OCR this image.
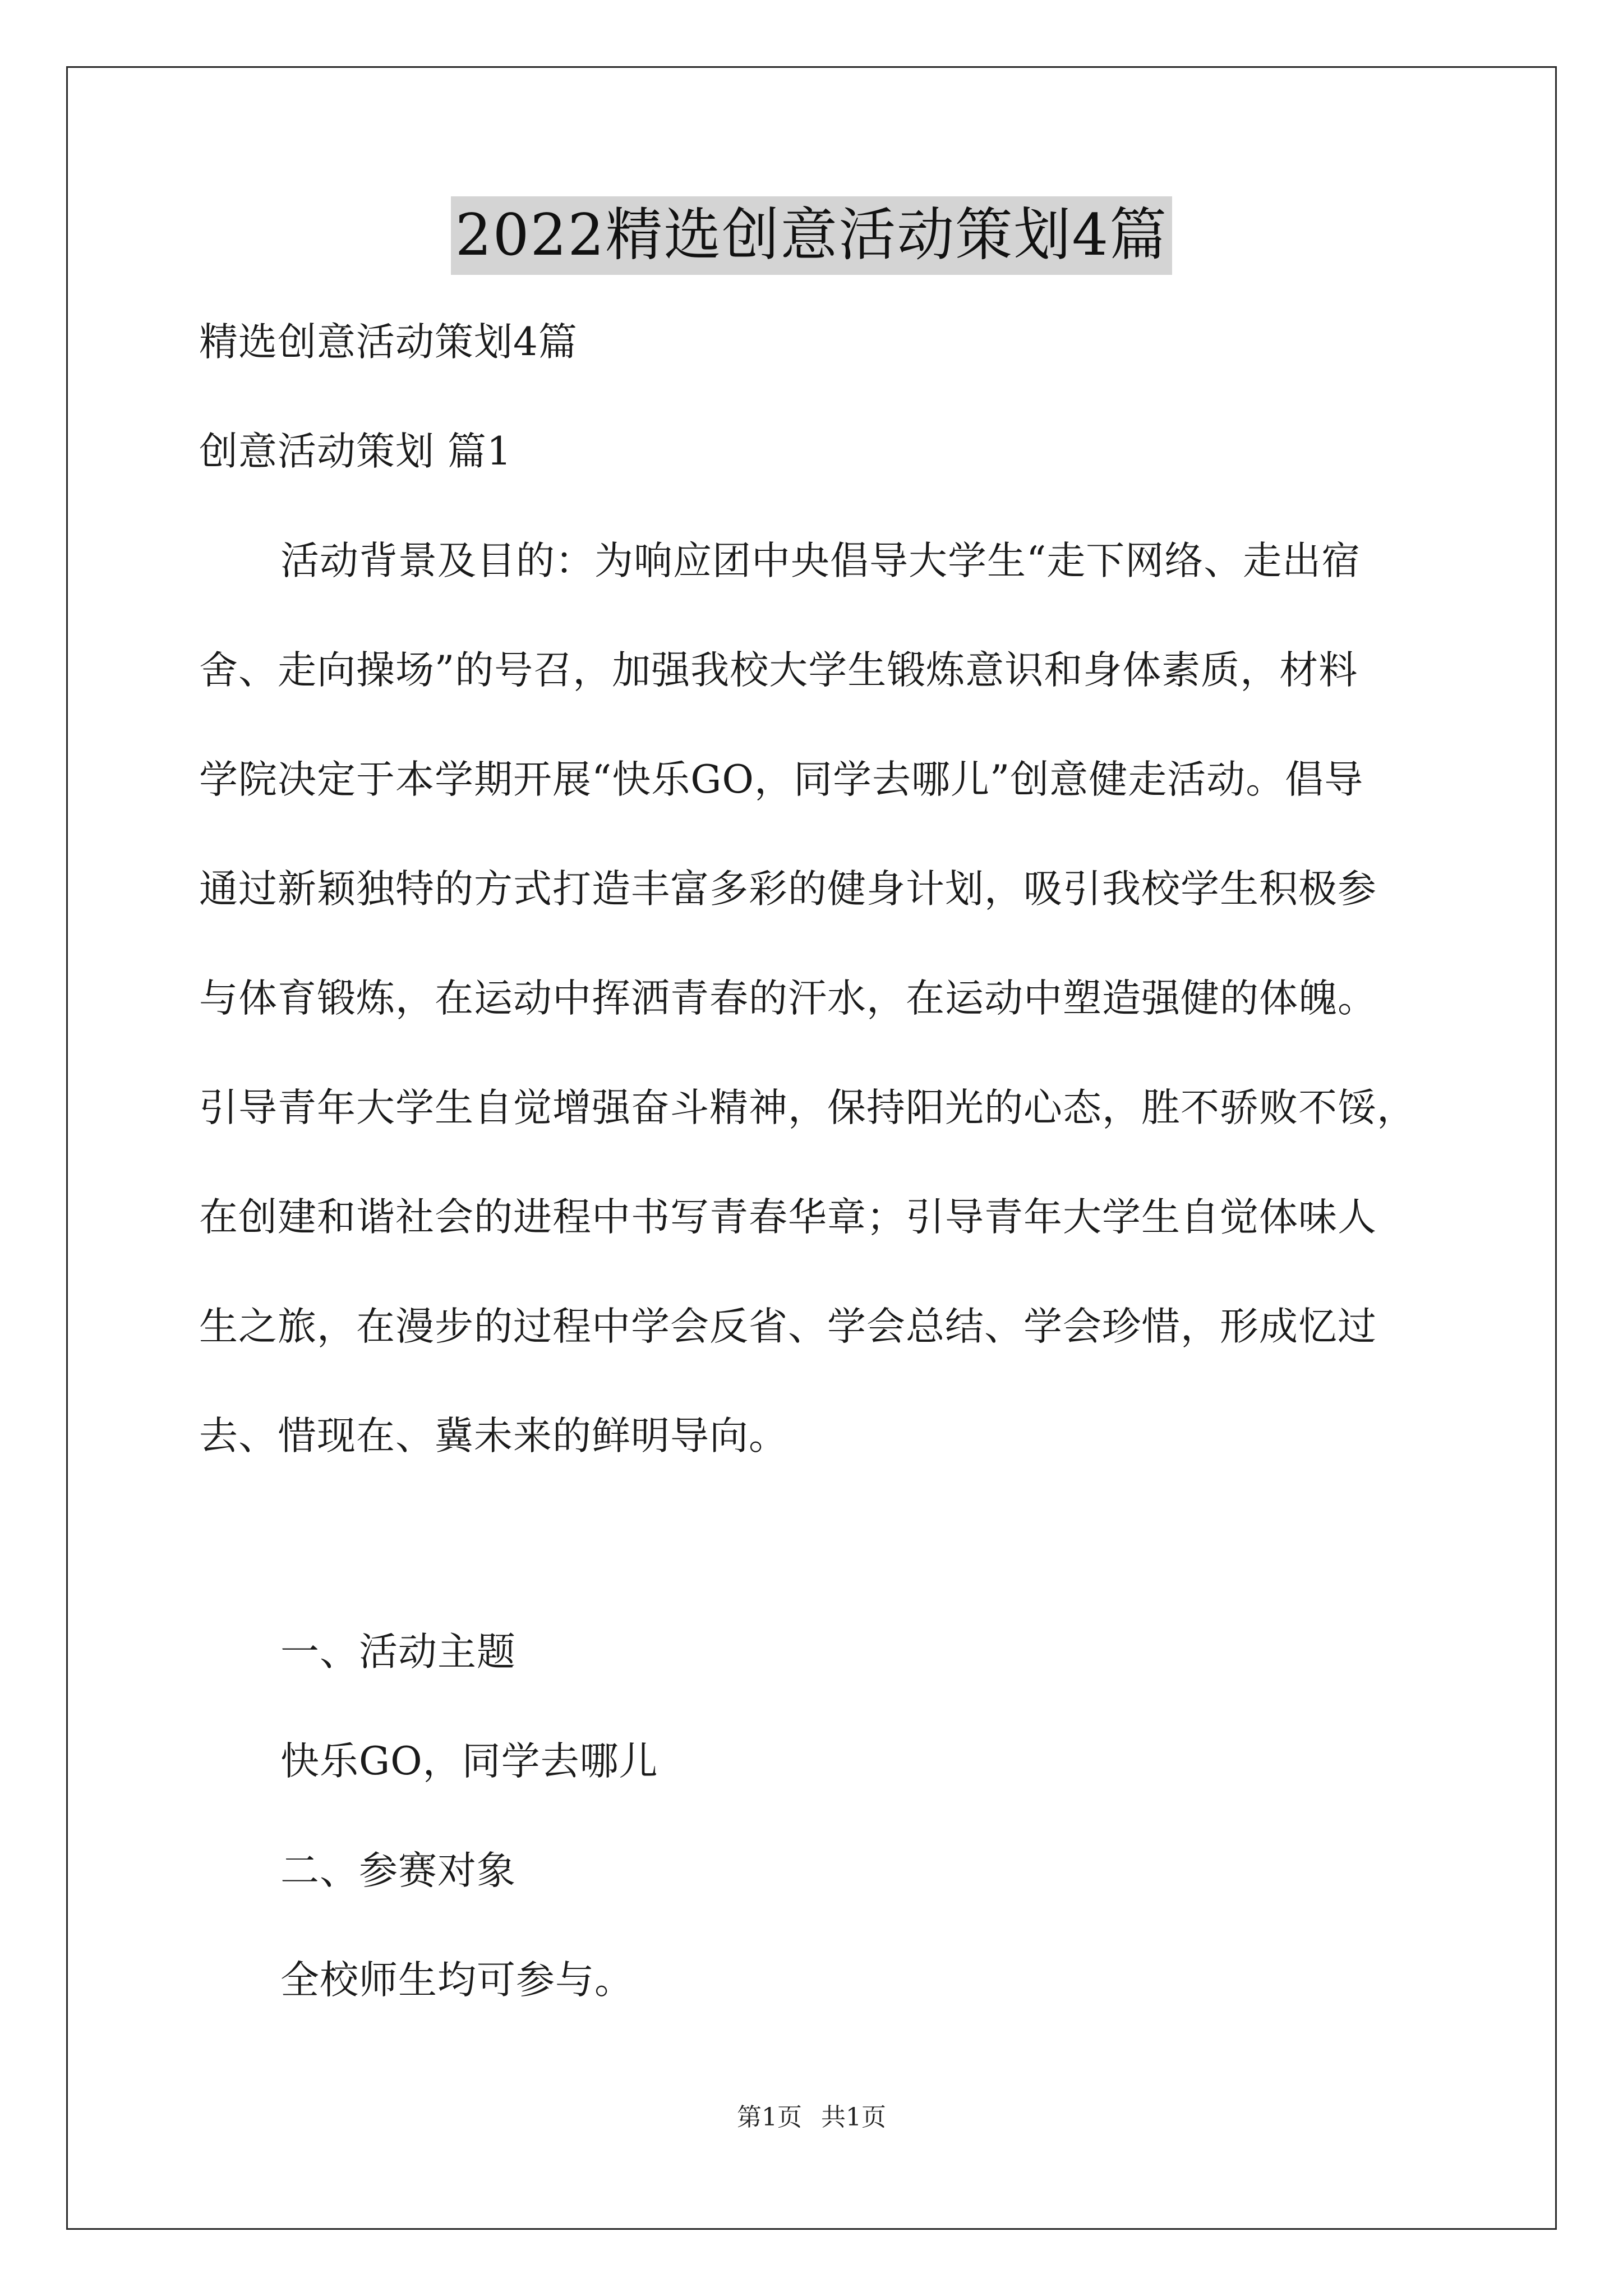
2022精选创意活动策划4篇

精选创意活动策划4篇

创意活动策划 篇1

活动背景及目的：为响应团中央倡导大学生“走下网络、走出宿

舍、走向操场”的号召，加强我校大学生锻炼意识和身体素质，材料

学院决定于本学期开展“快乐GO，同学去哪儿”创意健走活动。倡导

通过新颖独特的方式打造丰富多彩的健身计划，吸引我校学生积极参

与体育锻炼，在运动中挥洒青春的汗水，在运动中塑造强健的体魄。

引导青年大学生自觉增强奋斗精神，保持阳光的心态，胜不骄败不馁，

在创建和谐社会的进程中书写青春华章；引导青年大学生自觉体味人

生之旅，在漫步的过程中学会反省、学会总结、学会珍惜，形成忆过

去、惜现在、冀未来的鲜明导向。

一、活动主题

快乐GO，同学去哪儿

二、参赛对象

全校师生均可参与。

第1页 共1页
